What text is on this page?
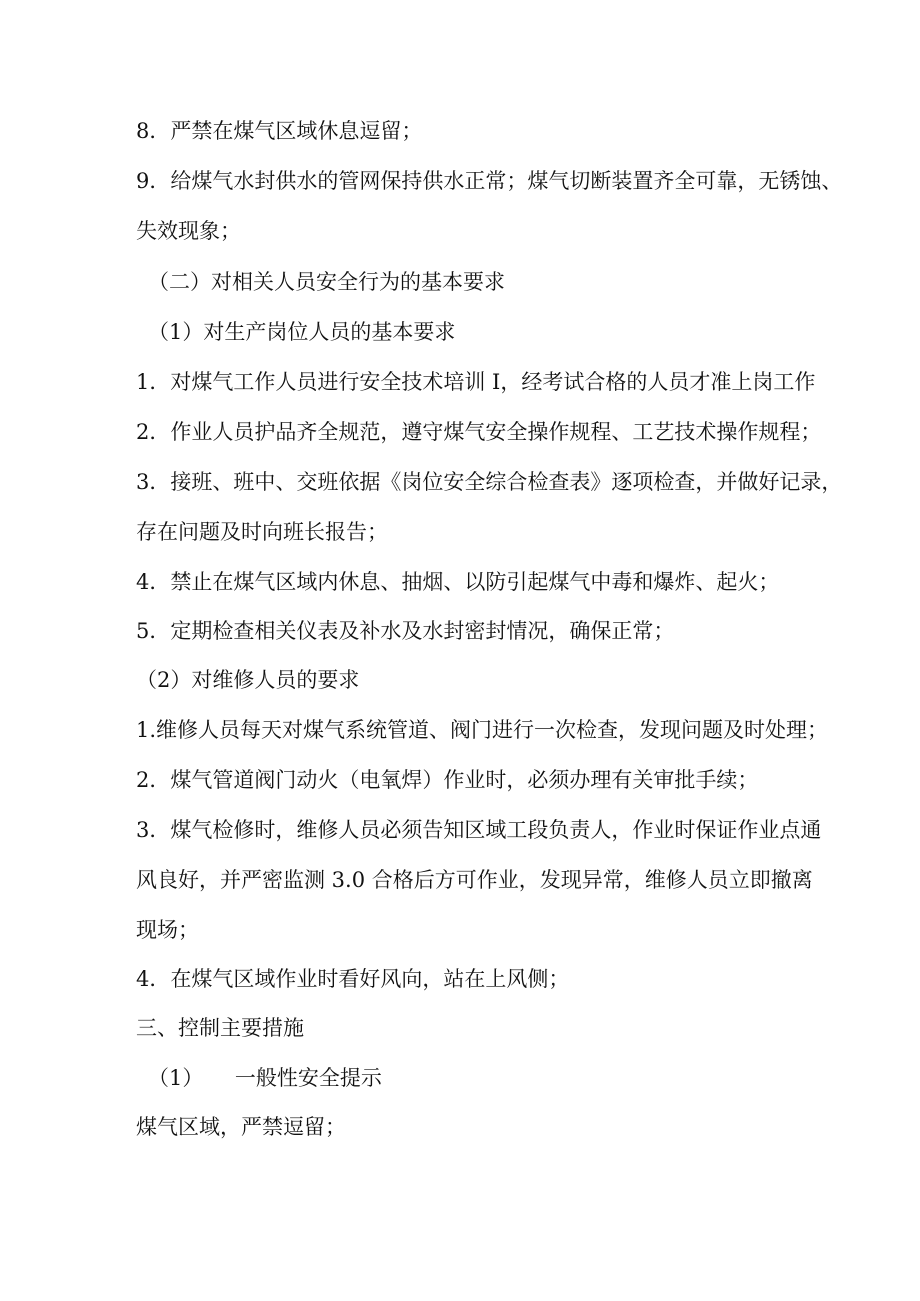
8．严禁在煤气区域休息逗留；
9．给煤气水封供水的管网保持供水正常；煤气切断装置齐全可靠，无锈蚀、
失效现象；
（二）对相关人员安全行为的基本要求
（1）对生产岗位人员的基本要求
1．对煤气工作人员进行安全技术培训 I，经考试合格的人员才准上岗工作
2．作业人员护品齐全规范，遵守煤气安全操作规程、工艺技术操作规程；
3．接班、班中、交班依据《岗位安全综合检查表》逐项检查，并做好记录，
存在问题及时向班长报告；
4．禁止在煤气区域内休息、抽烟、以防引起煤气中毒和爆炸、起火；
5．定期检查相关仪表及补水及水封密封情况，确保正常；
（2）对维修人员的要求
1.维修人员每天对煤气系统管道、阀门进行一次检查，发现问题及时处理；
2．煤气管道阀门动火（电氧焊）作业时，必须办理有关审批手续；
3．煤气检修时，维修人员必须告知区域工段负责人，作业时保证作业点通
风良好，并严密监测 3.0 合格后方可作业，发现异常，维修人员立即撤离
现场；
4．在煤气区域作业时看好风向，站在上风侧；
三、控制主要措施
（1）　　一般性安全提示
煤气区域，严禁逗留；
